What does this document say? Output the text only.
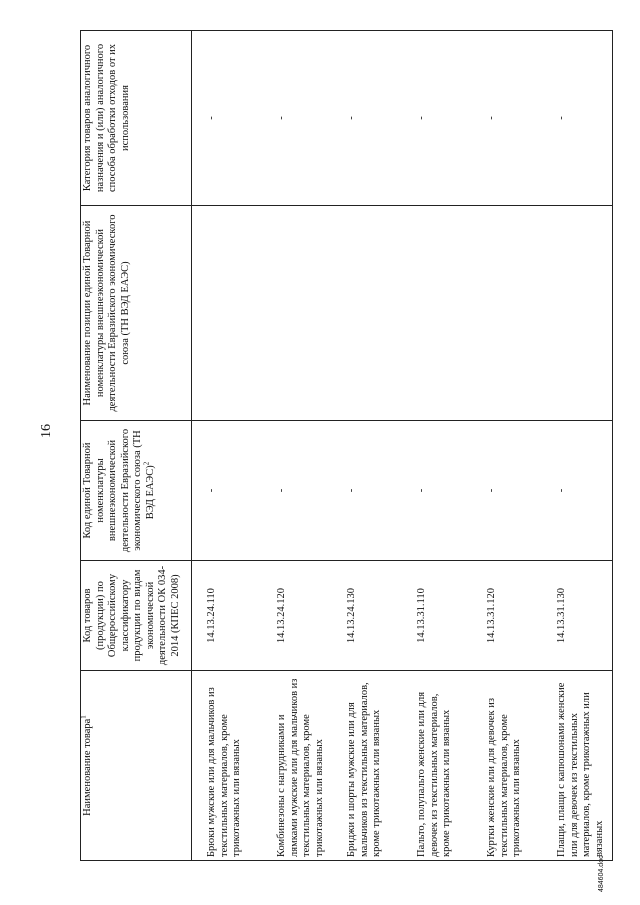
16
484604.doc
Наименование товара$^1$	Код товаров (продукции) по Общероссийскому классификатору продукции по видам экономической деятельности ОК 034-2014 (КПЕС 2008)	Код единой Товарной номенклатуры внешнеэкономической деятельности Евразийского экономического союза (ТН ВЭД ЕАЭС)$^2$	Наименование позиции единой Товарной номенклатуры внешнеэкономической деятельности Евразийского экономического союза (ТН ВЭД ЕАЭС)	Категория товаров аналогичного назначения и (или) аналогичного способа обработки отходов от их использования
Брюки мужские или для мальчиков из текстильных материалов, кроме трикотажных или вязаных	14.13.24.110	-		-
Комбинезоны с нагрудниками и лямками мужские или для мальчиков из текстильных материалов, кроме трикотажных или вязаных	14.13.24.120	-		-
Бриджи и шорты мужские или для мальчиков из текстильных материалов, кроме трикотажных или вязаных	14.13.24.130	-		-
Пальто, полупальто женские или для девочек из текстильных материалов, кроме трикотажных или вязаных	14.13.31.110	-		-
Куртки женские или для девочек из текстильных материалов, кроме трикотажных или вязаных	14.13.31.120	-		-
Плащи, плащи с капюшонами женские или для девочек из текстильных материалов, кроме трикотажных или вязаных	14.13.31.130	-		-
